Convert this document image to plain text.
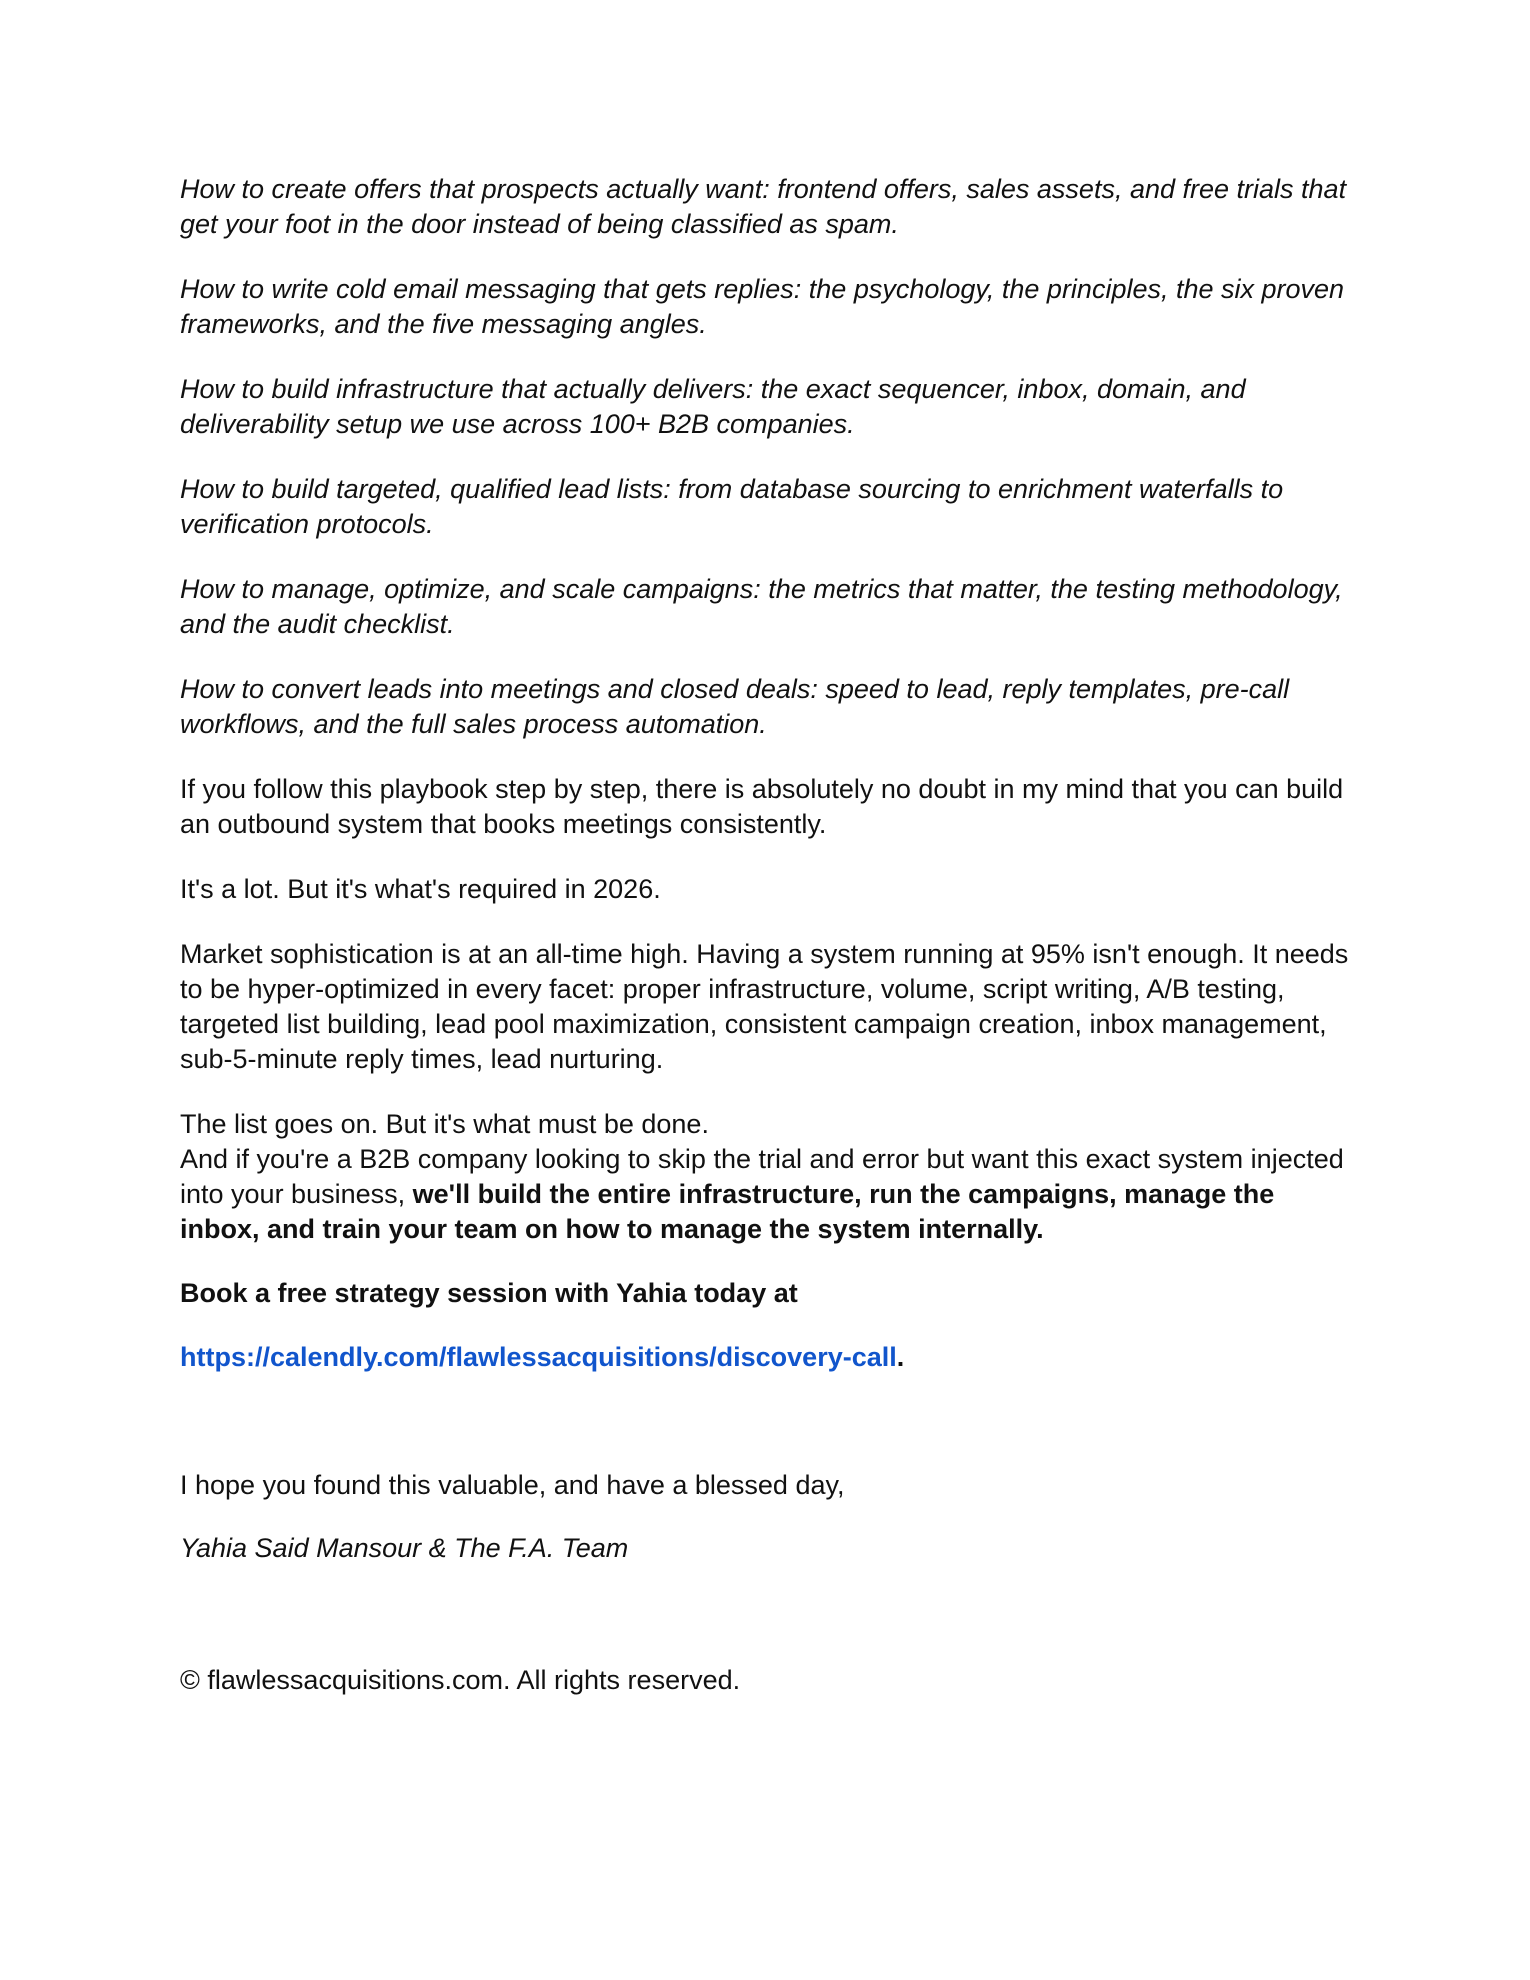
How to create offers that prospects actually want: frontend offers, sales assets, and free trials that get your foot in the door instead of being classified as spam.

How to write cold email messaging that gets replies: the psychology, the principles, the six proven frameworks, and the five messaging angles.

How to build infrastructure that actually delivers: the exact sequencer, inbox, domain, and deliverability setup we use across 100+ B2B companies.

How to build targeted, qualified lead lists: from database sourcing to enrichment waterfalls to verification protocols.

How to manage, optimize, and scale campaigns: the metrics that matter, the testing methodology, and the audit checklist.

How to convert leads into meetings and closed deals: speed to lead, reply templates, pre-call workflows, and the full sales process automation.

If you follow this playbook step by step, there is absolutely no doubt in my mind that you can build an outbound system that books meetings consistently.

It's a lot. But it's what's required in 2026.

Market sophistication is at an all-time high. Having a system running at 95% isn't enough. It needs to be hyper-optimized in every facet: proper infrastructure, volume, script writing, A/B testing, targeted list building, lead pool maximization, consistent campaign creation, inbox management, sub-5-minute reply times, lead nurturing.

The list goes on. But it's what must be done.

And if you're a B2B company looking to skip the trial and error but want this exact system injected into your business, we'll build the entire infrastructure, run the campaigns, manage the inbox, and train your team on how to manage the system internally.

Book a free strategy session with Yahia today at

https://calendly.com/flawlessacquisitions/discovery-call.

I hope you found this valuable, and have a blessed day,

Yahia Said Mansour & The F.A. Team

© flawlessacquisitions.com. All rights reserved.
